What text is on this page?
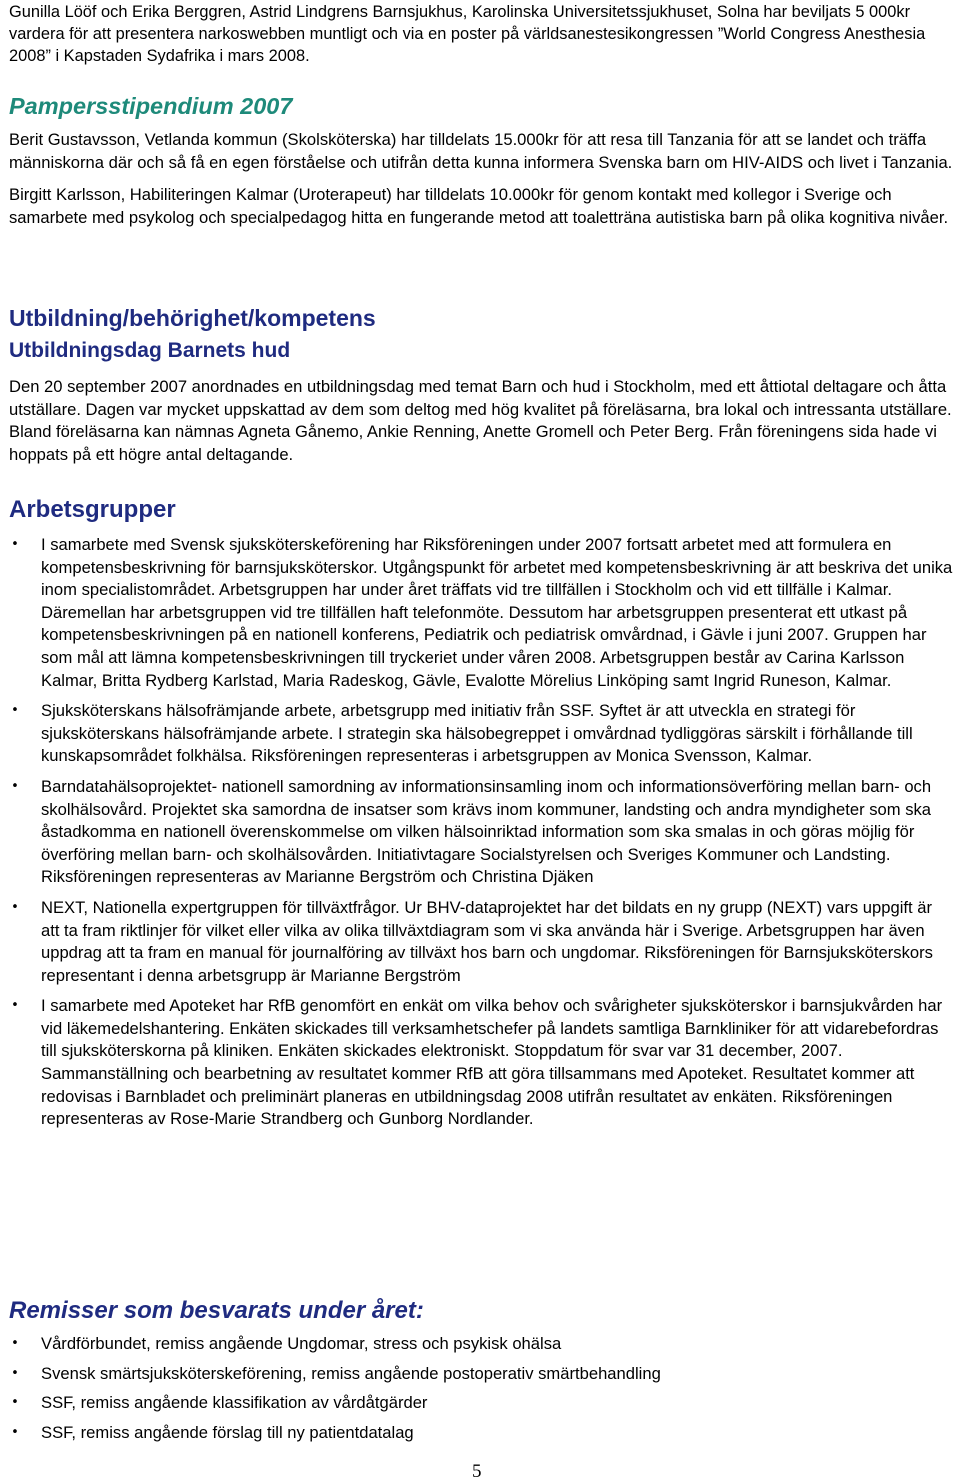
Gunilla Lööf och Erika Berggren, Astrid Lindgrens Barnsjukhus, Karolinska Universitetssjukhuset, Solna har beviljats 5 000kr vardera för att presentera narkoswebben muntligt och via en poster på världsanestesikongressen ”World Congress Anesthesia 2008” i Kapstaden Sydafrika i mars 2008.

Pampersstipendium 2007

Berit Gustavsson, Vetlanda kommun (Skolsköterska) har tilldelats 15.000kr för att resa till Tanzania för att se landet och träffa människorna där och så få en egen förståelse och utifrån detta kunna informera Svenska barn om HIV-AIDS och livet i Tanzania.

Birgitt Karlsson, Habiliteringen Kalmar (Uroterapeut) har tilldelats 10.000kr för genom kontakt med kollegor i Sverige och samarbete med psykolog och specialpedagog hitta en fungerande metod att toaletträna autistiska barn på olika kognitiva nivåer.

Utbildning/behörighet/kompetens
Utbildningsdag Barnets hud

Den 20 september 2007 anordnades en utbildningsdag med temat Barn och hud i Stockholm, med ett åttiotal deltagare och åtta utställare. Dagen var mycket uppskattad av dem som deltog med hög kvalitet på föreläsarna, bra lokal och intressanta utställare. Bland föreläsarna kan nämnas Agneta Gånemo, Ankie Renning, Anette Gromell och Peter Berg. Från föreningens sida hade vi hoppats på ett högre antal deltagande.

Arbetsgrupper
• I samarbete med Svensk sjuksköterskeförening har Riksföreningen under 2007 fortsatt arbetet med att formulera en kompetensbeskrivning för barnsjuksköterskor. Utgångspunkt för arbetet med kompetensbeskrivning är att beskriva det unika inom specialistområdet. Arbetsgruppen har under året träffats vid tre tillfällen i Stockholm och vid ett tillfälle i Kalmar. Däremellan har arbetsgruppen vid tre tillfällen haft telefonmöte. Dessutom har arbetsgruppen presenterat ett utkast på kompetensbeskrivningen på en nationell konferens, Pediatrik och pediatrisk omvårdnad, i Gävle i juni 2007. Gruppen har som mål att lämna kompetensbeskrivningen till tryckeriet under våren 2008. Arbetsgruppen består av Carina Karlsson Kalmar, Britta Rydberg Karlstad, Maria Radeskog, Gävle, Evalotte Mörelius Linköping samt Ingrid Runeson, Kalmar.
• Sjuksköterskans hälsofrämjande arbete, arbetsgrupp med initiativ från SSF. Syftet är att utveckla en strategi för sjuksköterskans hälsofrämjande arbete. I strategin ska hälsobegreppet i omvårdnad tydliggöras särskilt i förhållande till kunskapsområdet folkhälsa. Riksföreningen representeras i arbetsgruppen av Monica Svensson, Kalmar.
• Barndatahälsoprojektet- nationell samordning av informationsinsamling inom och informationsöverföring mellan barn- och skolhälsovård. Projektet ska samordna de insatser som krävs inom kommuner, landsting och andra myndigheter som ska åstadkomma en nationell överenskommelse om vilken hälsoinriktad information som ska smalas in och göras möjlig för överföring mellan barn- och skolhälsovården. Initiativtagare Socialstyrelsen och Sveriges Kommuner och Landsting. Riksföreningen representeras av Marianne Bergström och Christina Djäken
• NEXT, Nationella expertgruppen för tillväxtfrågor. Ur BHV-dataprojektet har det bildats en ny grupp (NEXT) vars uppgift är att ta fram riktlinjer för vilket eller vilka av olika tillväxtdiagram som vi ska använda här i Sverige. Arbetsgruppen har även uppdrag att ta fram en manual för journalföring av tillväxt hos barn och ungdomar. Riksföreningen för Barnsjuksköterskors representant i denna arbetsgrupp är Marianne Bergström
• I samarbete med Apoteket har RfB genomfört en enkät om vilka behov och svårigheter sjuksköterskor i barnsjukvården har vid läkemedelshantering. Enkäten skickades till verksamhetschefer på landets samtliga Barnkliniker för att vidarebefordras till sjuksköterskorna på kliniken. Enkäten skickades elektroniskt. Stoppdatum för svar var 31 december, 2007. Sammanställning och bearbetning av resultatet kommer RfB att göra tillsammans med Apoteket. Resultatet kommer att redovisas i Barnbladet och preliminärt planeras en utbildningsdag 2008 utifrån resultatet av enkäten. Riksföreningen representeras av Rose-Marie Strandberg och Gunborg Nordlander.
Remisser som besvarats under året:
• Vårdförbundet, remiss angående Ungdomar, stress och psykisk ohälsa
• Svensk smärtsjuksköterskeförening, remiss angående postoperativ smärtbehandling
• SSF, remiss angående klassifikation av vårdåtgärder
• SSF, remiss angående förslag till ny patientdatalag
5
